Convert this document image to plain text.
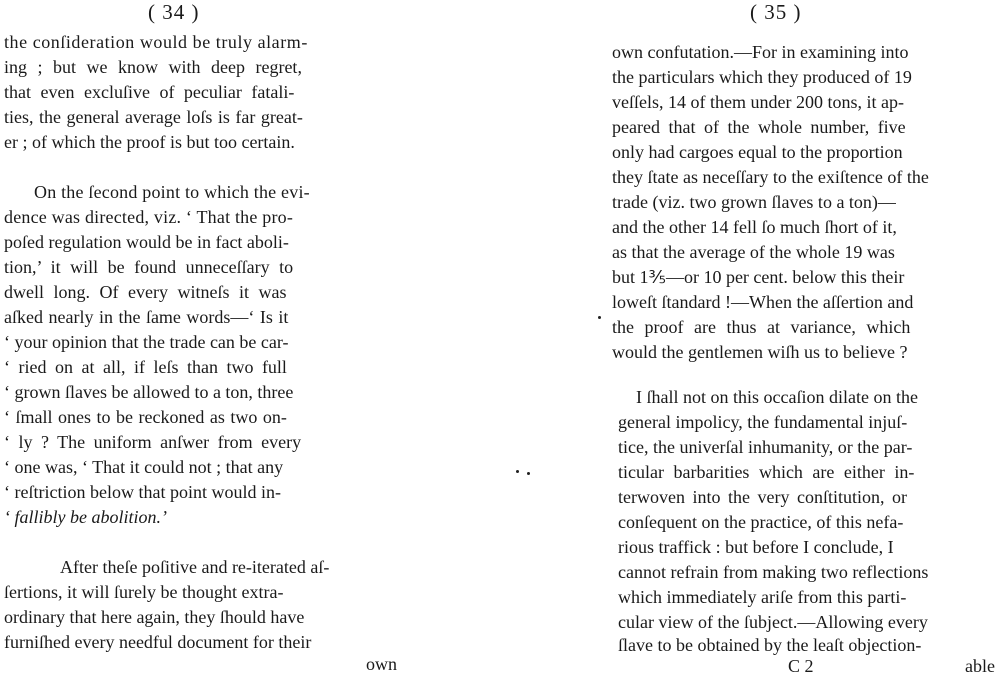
( 34 )
the conſideration would be truly alarm-
ing ; but we know with deep regret,
that even excluſive of peculiar fatali-
ties, the general average loſs is far great-
er ; of which the proof is but too certain.
On the ſecond point to which the evi-
dence was directed, viz. ‘ That the pro-
poſed regulation would be in fact aboli-
tion,’ it will be found unneceſſary to
dwell long. Of every witneſs it was
aſked nearly in the ſame words—‘ Is it
‘ your opinion that the trade can be car-
‘ ried on at all, if leſs than two full
‘ grown ſlaves be allowed to a ton, three
‘ ſmall ones to be reckoned as two on-
‘ ly ? The uniform anſwer from every
‘ one was, ‘ That it could not ; that any
‘ reſtriction below that point would in-
‘ fallibly be abolition.’
After theſe poſitive and re-iterated aſ-
ſertions, it will ſurely be thought extra-
ordinary that here again, they ſhould have
furniſhed every needful document for their
own
( 35 )
own confutation.—For in examining into
the particulars which they produced of 19
veſſels, 14 of them under 200 tons, it ap-
peared that of the whole number, five
only had cargoes equal to the proportion
they ſtate as neceſſary to the exiſtence of the
trade (viz. two grown ſlaves to a ton)—
and the other 14 fell ſo much ſhort of it,
as that the average of the whole 19 was
but 1⅗—or 10 per cent. below this their
loweſt ſtandard !—When the aſſertion and
the proof are thus at variance, which
would the gentlemen wiſh us to believe ?
I ſhall not on this occaſion dilate on the
general impolicy, the fundamental injuſ-
tice, the univerſal inhumanity, or the par-
ticular barbarities which are either in-
terwoven into the very conſtitution, or
conſequent on the practice, of this nefa-
rious traffick : but before I conclude, I
cannot refrain from making two reflections
which immediately ariſe from this parti-
cular view of the ſubject.—Allowing every
ſlave to be obtained by the leaſt objection-
C 2	able
